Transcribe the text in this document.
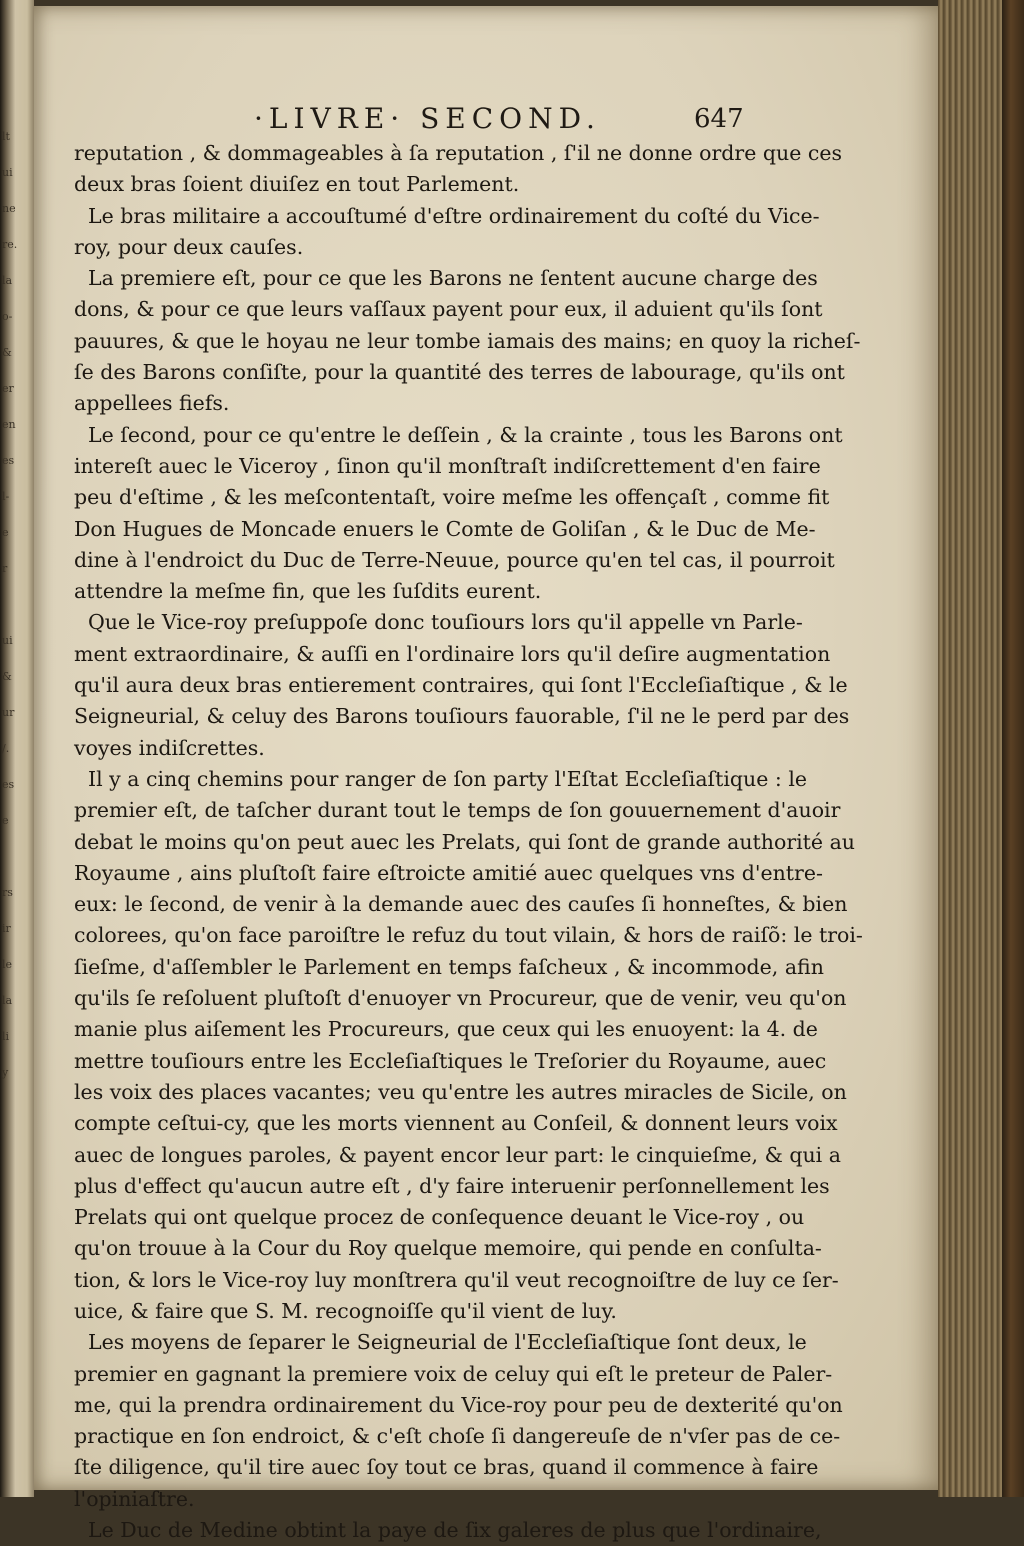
lt
ui
ne
re.
la
o-
&
er
en
es
l-
e
r
ui
&
ur
/.
es
e
rs
ir
le
la
li
y
·LIVRE· SECOND.	647
reputation , & dommageables à ſa reputation , ſ'il ne donne ordre que ces
deux bras ſoient diuiſez en tout Parlement.
Le bras militaire a accouſtumé d'eſtre ordinairement du coſté du Vice-
roy, pour deux cauſes.
La premiere eſt, pour ce que les Barons ne ſentent aucune charge des
dons, & pour ce que leurs vaſſaux payent pour eux, il aduient qu'ils ſont
pauures, & que le hoyau ne leur tombe iamais des mains; en quoy la richeſ-
ſe des Barons conſiſte, pour la quantité des terres de labourage, qu'ils ont
appellees fiefs.
Le ſecond, pour ce qu'entre le deſſein , & la crainte , tous les Barons ont
intereſt auec le Viceroy , ſinon qu'il monſtraſt indiſcrettement d'en faire
peu d'eſtime , & les meſcontentaſt, voire meſme les offençaſt , comme fit
Don Hugues de Moncade enuers le Comte de Goliſan , & le Duc de Me-
dine à l'endroict du Duc de Terre-Neuue, pource qu'en tel cas, il pourroit
attendre la meſme fin, que les ſuſdits eurent.
Que le Vice-roy preſuppoſe donc touſiours lors qu'il appelle vn Parle-
ment extraordinaire, & auſſi en l'ordinaire lors qu'il deſire augmentation
qu'il aura deux bras entierement contraires, qui ſont l'Eccleſiaſtique , & le
Seigneurial, & celuy des Barons touſiours fauorable, ſ'il ne le perd par des
voyes indiſcrettes.
Il y a cinq chemins pour ranger de ſon party l'Eſtat Eccleſiaſtique : le
premier eſt, de taſcher durant tout le temps de ſon gouuernement d'auoir
debat le moins qu'on peut auec les Prelats, qui ſont de grande authorité au
Royaume , ains pluſtoſt faire eſtroicte amitié auec quelques vns d'entre-
eux: le ſecond, de venir à la demande auec des cauſes ſi honneſtes, & bien
colorees, qu'on face paroiſtre le refuz du tout vilain, & hors de raiſõ: le troi-
ſieſme, d'aſſembler le Parlement en temps faſcheux , & incommode, afin
qu'ils ſe reſoluent pluſtoſt d'enuoyer vn Procureur, que de venir, veu qu'on
manie plus aiſement les Procureurs, que ceux qui les enuoyent: la 4. de
mettre touſiours entre les Eccleſiaſtiques le Treſorier du Royaume, auec
les voix des places vacantes; veu qu'entre les autres miracles de Sicile, on
compte ceſtui-cy, que les morts viennent au Conſeil, & donnent leurs voix
auec de longues paroles, & payent encor leur part: le cinquieſme, & qui a
plus d'effect qu'aucun autre eſt , d'y faire interuenir perſonnellement les
Prelats qui ont quelque procez de conſequence deuant le Vice-roy , ou
qu'on trouue à la Cour du Roy quelque memoire, qui pende en conſulta-
tion, & lors le Vice-roy luy monſtrera qu'il veut recognoiſtre de luy ce ſer-
uice, & faire que S. M. recognoiſſe qu'il vient de luy.
Les moyens de ſeparer le Seigneurial de l'Eccleſiaſtique ſont deux, le
premier en gagnant la premiere voix de celuy qui eſt le preteur de Paler-
me, qui la prendra ordinairement du Vice-roy pour peu de dexterité qu'on
practique en ſon endroict, & c'eſt choſe ſi dangereuſe de n'vſer pas de ce-
ſte diligence, qu'il tire auec ſoy tout ce bras, quand il commence à faire
l'opiniaſtre.
Le Duc de Medine obtint la paye de ſix galeres de plus que l'ordinaire,
